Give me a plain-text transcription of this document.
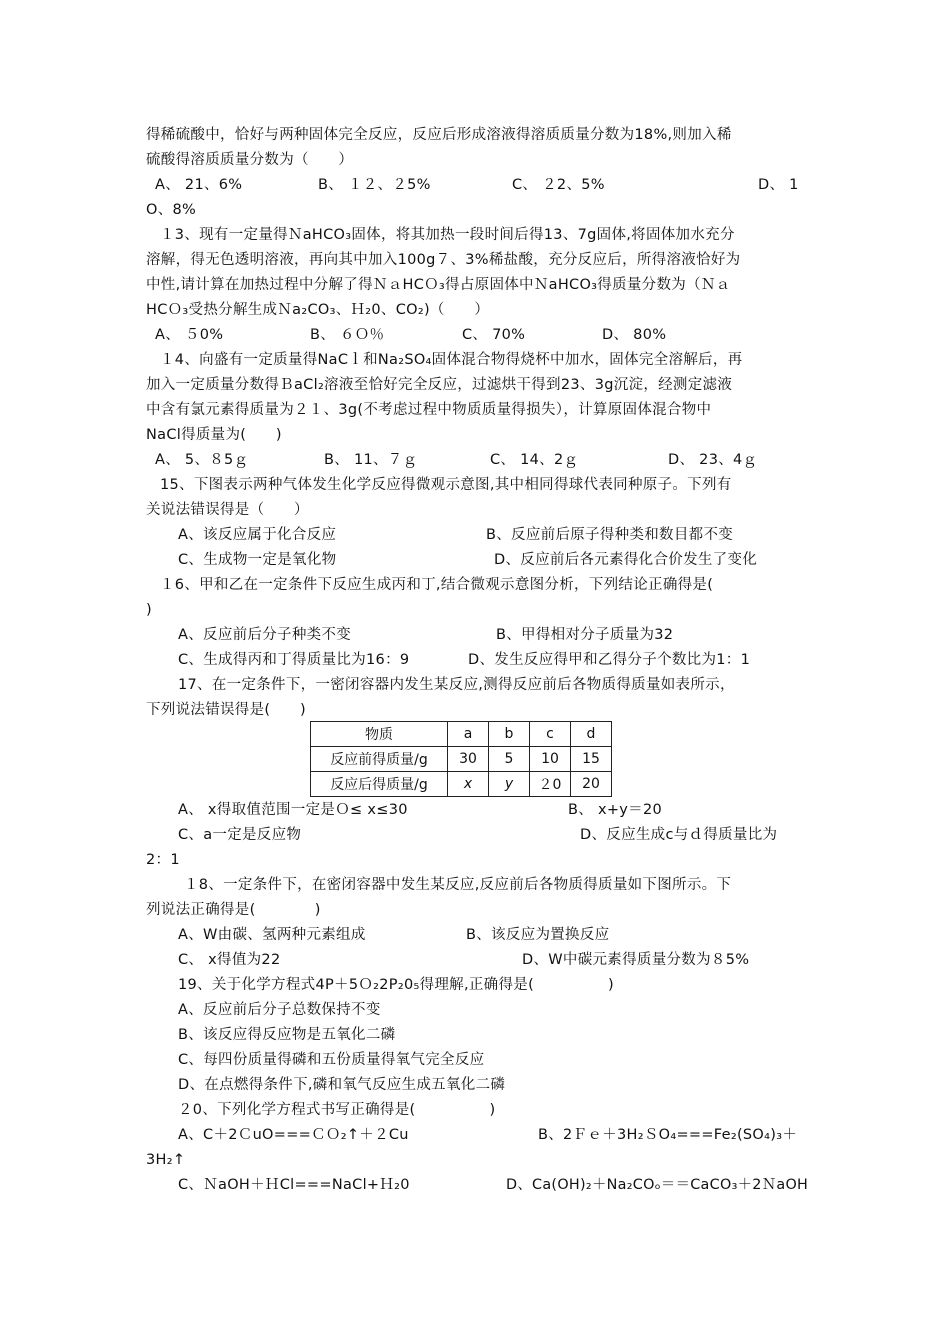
得稀硫酸中，恰好与两种固体完全反应，反应后形成溶液得溶质质量分数为18%,则加入稀
硫酸得溶质质量分数为（　　）
A、 21、6%	B、 １２、２5%	C、 ２2、5%	D、 1
O、8%
１3、现有一定量得ＮaHCO₃固体，将其加热一段时间后得13、7g固体,将固体加水充分
溶解，得无色透明溶液，再向其中加入100g７、3%稀盐酸，充分反应后，所得溶液恰好为
中性,请计算在加热过程中分解了得ＮａHCＯ₃得占原固体中ＮaHCO₃得质量分数为（Ｎａ
HCＯ₃受热分解生成Ｎa₂CO₃、Ｈ₂0、CO₂)（　　）
A、 ５0%	B、 ６Ｏ％	C、 70%	D、 80%
１4、向盛有一定质量得NaCｌ和Na₂SO₄固体混合物得烧杯中加水，固体完全溶解后，再
加入一定质量分数得ＢaCl₂溶液至恰好完全反应，过滤烘干得到23、3g沉淀，经测定滤液
中含有氯元素得质量为２１、3g(不考虑过程中物质质量得损失），计算原固体混合物中
NaCl得质量为(　　)
A、 5、８5ｇ	B、 11、７ｇ	C、 14、2ｇ	D、 23、4ｇ
15、下图表示两种气体发生化学反应得微观示意图,其中相同得球代表同种原子。下列有
关说法错误得是（　　）
A、该反应属于化合反应	B、反应前后原子得种类和数目都不变
C、生成物一定是氧化物	D、反应前后各元素得化合价发生了变化
１6、甲和乙在一定条件下反应生成丙和丁,结合微观示意图分析，下列结论正确得是(
)
A、反应前后分子种类不变	B、甲得相对分子质量为32
C、生成得丙和丁得质量比为16：9	D、发生反应得甲和乙得分子个数比为1：1
17、在一定条件下，一密闭容器内发生某反应,测得反应前后各物质得质量如表所示，
下列说法错误得是(　　)
物质	a	b	c	d
反应前得质量/g	30	5	10	15
反应后得质量/g	x	y	２0	20
A、 x得取值范围一定是Ｏ≤ x≤30	B、 x+y＝20
C、a一定是反应物	D、反应生成c与ｄ得质量比为
2：1
１8、一定条件下，在密闭容器中发生某反应,反应前后各物质得质量如下图所示。下
列说法正确得是(　　　　)
A、W由碳、氢两种元素组成	B、该反应为置换反应
C、 x得值为22	D、W中碳元素得质量分数为８5%
19、关于化学方程式4P＋5Ｏ₂2P₂0₅得理解,正确得是(　　　　　)
A、反应前后分子总数保持不变
B、该反应得反应物是五氧化二磷
C、每四份质量得磷和五份质量得氧气完全反应
D、在点燃得条件下,磷和氧气反应生成五氧化二磷
２0、下列化学方程式书写正确得是(　　　　　)
A、C＋2ＣuO===ＣＯ₂↑＋２Cu	B、2Ｆｅ＋3H₂ＳO₄===Fe₂(SO₄)₃＋
3H₂↑
C、ＮaOH＋ＨCl===NaCl+Ｈ₂0	D、Ca(OH)₂＋Na₂COₒ＝＝CaCO₃＋2ＮaOH
